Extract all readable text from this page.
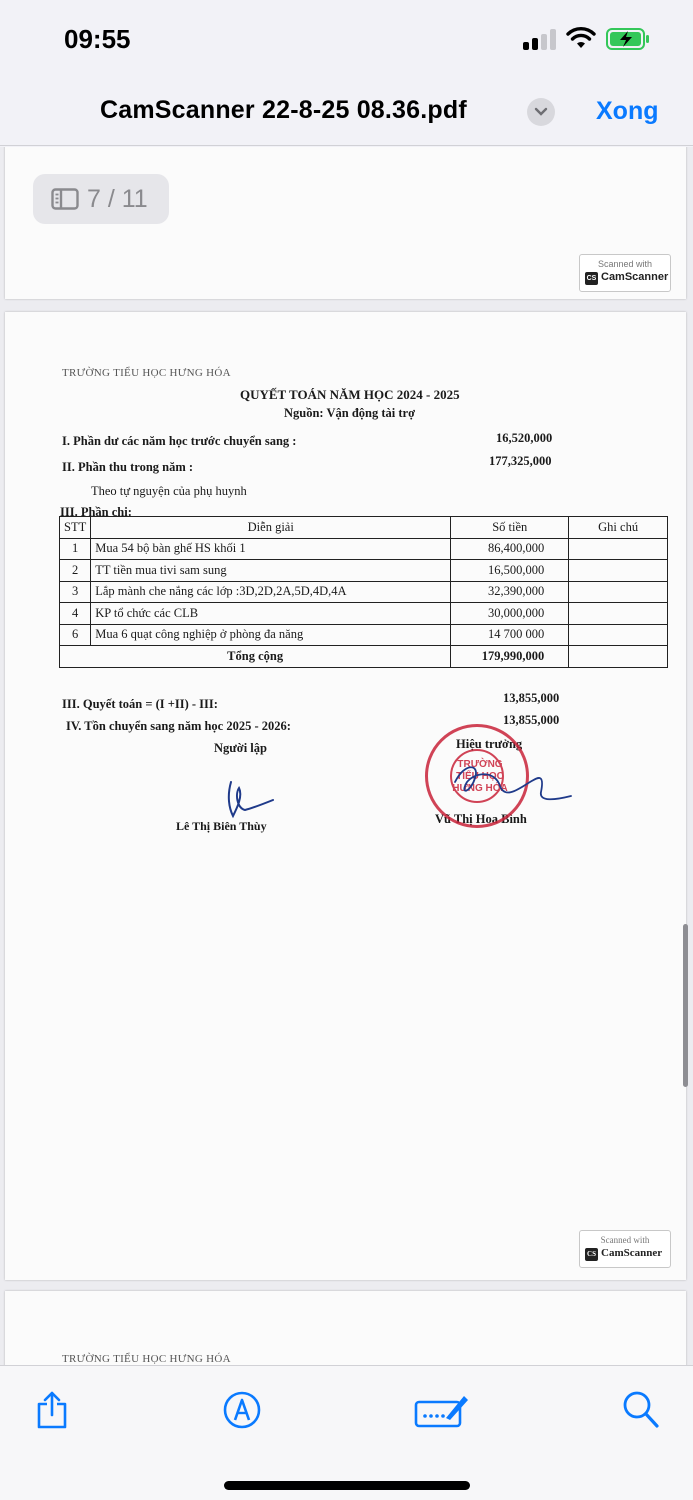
09:55
CamScanner 22-8-25 08.36.pdf	Xong
Scanned with
CS CamScanner
7 / 11
TRƯỜNG TIỂU HỌC HƯNG HÓA
QUYẾT TOÁN NĂM HỌC 2024 - 2025
Nguồn: Vận động tài trợ
I. Phần dư các năm học trước chuyển sang :	16,520,000
II. Phần thu trong năm :	177,325,000
Theo tự nguyện của phụ huynh
III. Phần chi:
STT	Diễn giải	Số tiền	Ghi chú
1	Mua 54 bộ bàn ghế HS khối 1	86,400,000	
2	TT tiền mua tivi sam sung	16,500,000	
3	Lắp mành che nắng các lớp :3D,2D,2A,5D,4D,4A	32,390,000	
4	KP tổ chức các CLB	30,000,000	
6	Mua 6 quạt công nghiệp ở phòng đa năng	14 700 000	
Tổng cộng		179,990,000	
III. Quyết toán = (I +II) - III:	13,855,000
IV. Tồn chuyển sang năm học 2025 - 2026:	13,855,000
Người lập
Lê Thị Biên Thùy
Hiệu trưởng
Vũ Thị Hoa Bình
TRƯỜNG TIỂU HỌC HƯNG HÓA
Scanned with
CS CamScanner
TRƯỜNG TIỂU HỌC HƯNG HÓA
